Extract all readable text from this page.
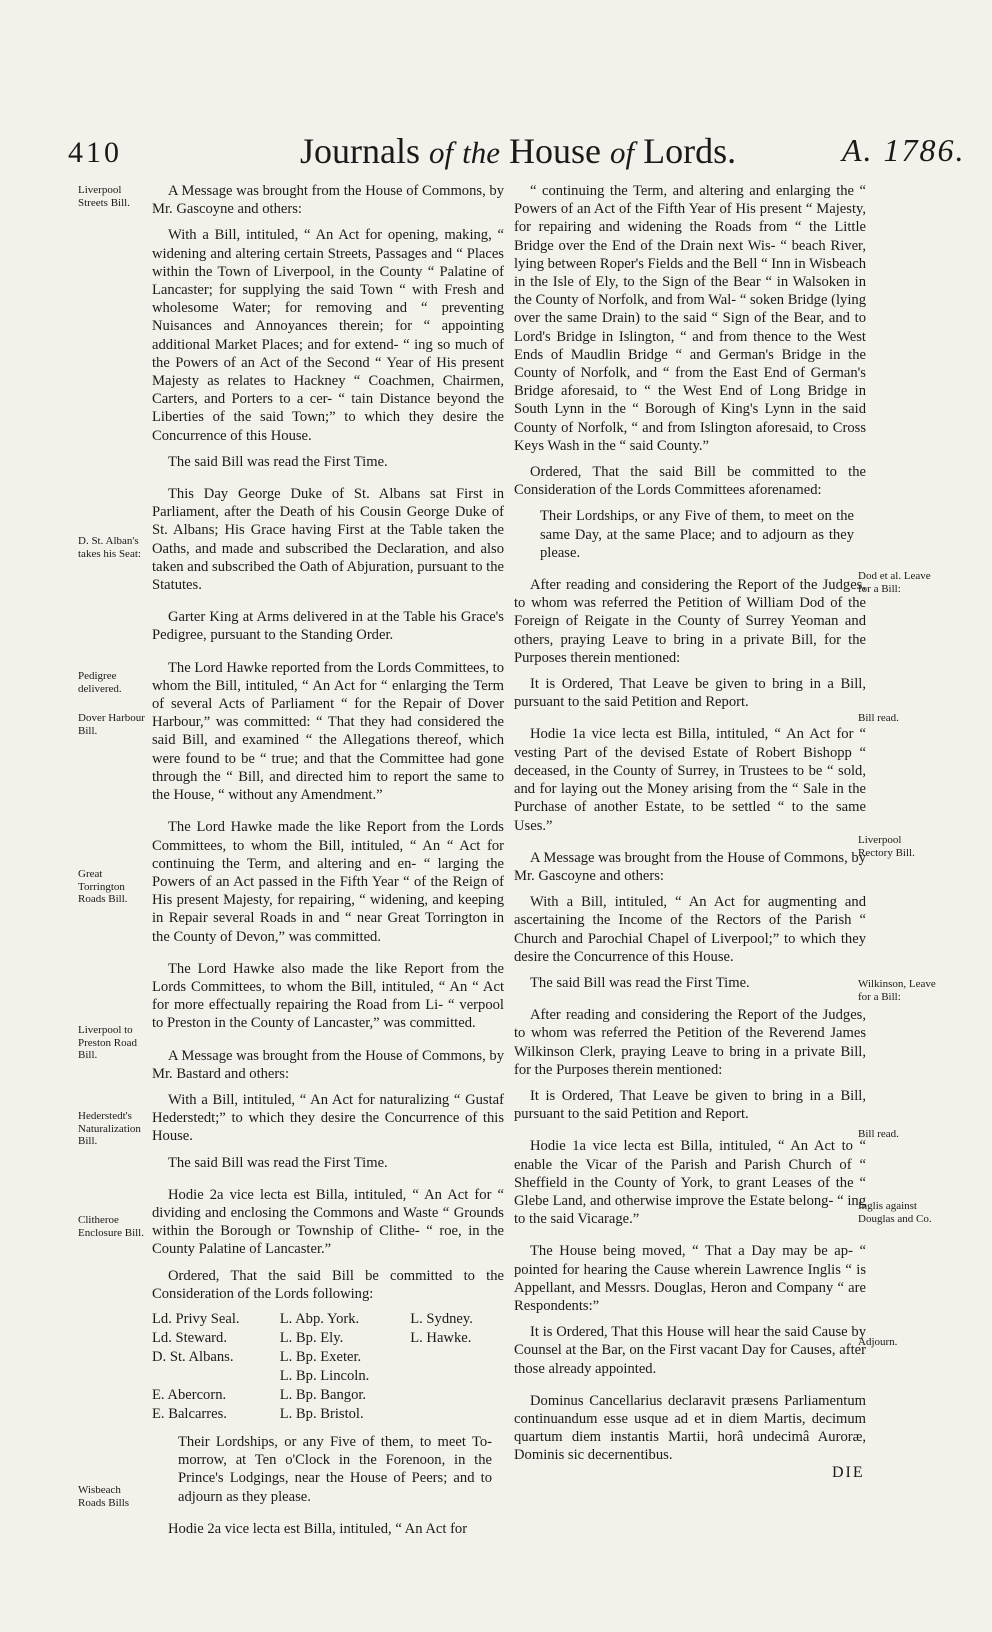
410	Journals of the House of Lords.	A. 1786.
Liverpool Streets Bill.
D. St. Alban's takes his Seat:
Pedigree delivered.
Dover Harbour Bill.
Great Torrington Roads Bill.
Liverpool to Preston Road Bill.
Hederstedt's Naturalization Bill.
Clitheroe Enclosure Bill.
Wisbeach Roads Bills
Dod et al. Leave for a Bill:
Bill read.
Liverpool Rectory Bill.
Wilkinson, Leave for a Bill:
Bill read.
Inglis against Douglas and Co.
Adjourn.

A Message was brought from the House of Commons, by Mr. Gascoyne and others:

With a Bill, intituled, “ An Act for opening, making, “ widening and altering certain Streets, Passages and “ Places within the Town of Liverpool, in the County “ Palatine of Lancaster; for supplying the said Town “ with Fresh and wholesome Water; for removing and “ preventing Nuisances and Annoyances therein; for “ appointing additional Market Places; and for extend- “ ing so much of the Powers of an Act of the Second “ Year of His present Majesty as relates to Hackney “ Coachmen, Chairmen, Carters, and Porters to a cer- “ tain Distance beyond the Liberties of the said Town;” to which they desire the Concurrence of this House.

The said Bill was read the First Time.

This Day George Duke of St. Albans sat First in Parliament, after the Death of his Cousin George Duke of St. Albans; His Grace having First at the Table taken the Oaths, and made and subscribed the Declaration, and also taken and subscribed the Oath of Abjuration, pursuant to the Statutes.

Garter King at Arms delivered in at the Table his Grace's Pedigree, pursuant to the Standing Order.

The Lord Hawke reported from the Lords Committees, to whom the Bill, intituled, “ An Act for “ enlarging the Term of several Acts of Parliament “ for the Repair of Dover Harbour,” was committed: “ That they had considered the said Bill, and examined “ the Allegations thereof, which were found to be “ true; and that the Committee had gone through the “ Bill, and directed him to report the same to the House, “ without any Amendment.”

The Lord Hawke made the like Report from the Lords Committees, to whom the Bill, intituled, “ An “ Act for continuing the Term, and altering and en- “ larging the Powers of an Act passed in the Fifth Year “ of the Reign of His present Majesty, for repairing, “ widening, and keeping in Repair several Roads in and “ near Great Torrington in the County of Devon,” was committed.

The Lord Hawke also made the like Report from the Lords Committees, to whom the Bill, intituled, “ An “ Act for more effectually repairing the Road from Li- “ verpool to Preston in the County of Lancaster,” was committed.

A Message was brought from the House of Commons, by Mr. Bastard and others:

With a Bill, intituled, “ An Act for naturalizing “ Gustaf Hederstedt;” to which they desire the Concurrence of this House.

The said Bill was read the First Time.

Hodie 2a vice lecta est Billa, intituled, “ An Act for “ dividing and enclosing the Commons and Waste “ Grounds within the Borough or Township of Clithe- “ roe, in the County Palatine of Lancaster.”

Ordered, That the said Bill be committed to the Consideration of the Lords following:

Ld. Privy Seal.	L. Abp. York.	L. Sydney.
Ld. Steward.	L. Bp. Ely.	L. Hawke.
D. St. Albans.	L. Bp. Exeter.	
	L. Bp. Lincoln.	
E. Abercorn.	L. Bp. Bangor.	
E. Balcarres.	L. Bp. Bristol.	

Their Lordships, or any Five of them, to meet To-morrow, at Ten o'Clock in the Forenoon, in the Prince's Lodgings, near the House of Peers; and to adjourn as they please.

Hodie 2a vice lecta est Billa, intituled, “ An Act for

“ continuing the Term, and altering and enlarging the “ Powers of an Act of the Fifth Year of His present “ Majesty, for repairing and widening the Roads from “ the Little Bridge over the End of the Drain next Wis- “ beach River, lying between Roper's Fields and the Bell “ Inn in Wisbeach in the Isle of Ely, to the Sign of the Bear “ in Walsoken in the County of Norfolk, and from Wal- “ soken Bridge (lying over the same Drain) to the said “ Sign of the Bear, and to Lord's Bridge in Islington, “ and from thence to the West Ends of Maudlin Bridge “ and German's Bridge in the County of Norfolk, and “ from the East End of German's Bridge aforesaid, to “ the West End of Long Bridge in South Lynn in the “ Borough of King's Lynn in the said County of Norfolk, “ and from Islington aforesaid, to Cross Keys Wash in the “ said County.”

Ordered, That the said Bill be committed to the Consideration of the Lords Committees aforenamed:

Their Lordships, or any Five of them, to meet on the same Day, at the same Place; and to adjourn as they please.

After reading and considering the Report of the Judges, to whom was referred the Petition of William Dod of the Foreign of Reigate in the County of Surrey Yeoman and others, praying Leave to bring in a private Bill, for the Purposes therein mentioned:

It is Ordered, That Leave be given to bring in a Bill, pursuant to the said Petition and Report.

Hodie 1a vice lecta est Billa, intituled, “ An Act for “ vesting Part of the devised Estate of Robert Bishopp “ deceased, in the County of Surrey, in Trustees to be “ sold, and for laying out the Money arising from the “ Sale in the Purchase of another Estate, to be settled “ to the same Uses.”

A Message was brought from the House of Commons, by Mr. Gascoyne and others:

With a Bill, intituled, “ An Act for augmenting and ascertaining the Income of the Rectors of the Parish “ Church and Parochial Chapel of Liverpool;” to which they desire the Concurrence of this House.

The said Bill was read the First Time.

After reading and considering the Report of the Judges, to whom was referred the Petition of the Reverend James Wilkinson Clerk, praying Leave to bring in a private Bill, for the Purposes therein mentioned:

It is Ordered, That Leave be given to bring in a Bill, pursuant to the said Petition and Report.

Hodie 1a vice lecta est Billa, intituled, “ An Act to “ enable the Vicar of the Parish and Parish Church of “ Sheffield in the County of York, to grant Leases of the “ Glebe Land, and otherwise improve the Estate belong- “ ing to the said Vicarage.”

The House being moved, “ That a Day may be ap- “ pointed for hearing the Cause wherein Lawrence Inglis “ is Appellant, and Messrs. Douglas, Heron and Company “ are Respondents:”

It is Ordered, That this House will hear the said Cause by Counsel at the Bar, on the First vacant Day for Causes, after those already appointed.

Dominus Cancellarius declaravit præsens Parliamentum continuandum esse usque ad et in diem Martis, decimum quartum diem instantis Martii, horâ undecimâ Auroræ, Dominis sic decernentibus.

DIE
